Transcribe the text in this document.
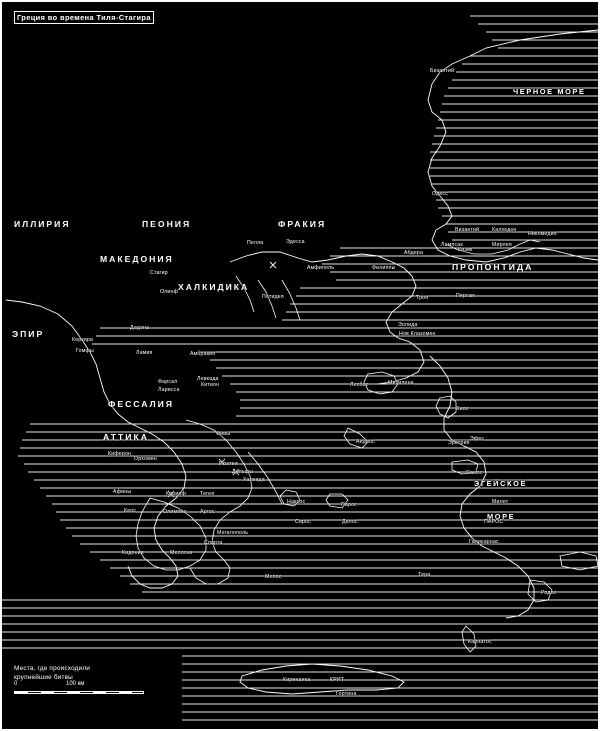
Греция во времена Тиля-Стагира
ИЛЛИРИЯ	ПЕОНИЯ	ФРАКИЯ
МАКЕДОНИЯ
ХАЛКИДИКА
ПРОПОНТИДА
ЭПИР
ФЕССАЛИЯ
АТТИКА
ЧЕРНОЕ МОРЕ
ЭГЕЙСКОЕ
МОРЕ
Бизантий
Одесс
Византий Калхедон
Никомедия
Абдера
Лампсак
Кизик
Мирлея
Пелла	Эдесса
Амфиполь	Филиппы
Стагир
Олинф
Потидея	Троя	Пергам
Эолида
Нов Клазомен
Керкира
Додона
Гомфы	Ламия	Амбракия
Лесбос	Митилена
Фарсал
Ларисса
Левкада
Китион
Хиос
Фивы
Андрос	Эретрия
Эфес
Самос
Киферон
Орхомен
Платеи
Дельфы
Халкида
Афины	Коринф	Тегея
Наксос	Парос	Милет
Кеос	Олимпия	Аргос
Сирос	Делос	ПАРОС
Мегалополь
Спарта	Галикарнас
Кидония	Мессена
Мелос	Тера
Родос
Карпатос
Киренаика	КРИТ
Гортина
Места, где происходили
крупнейшие битвы
0	100 км
